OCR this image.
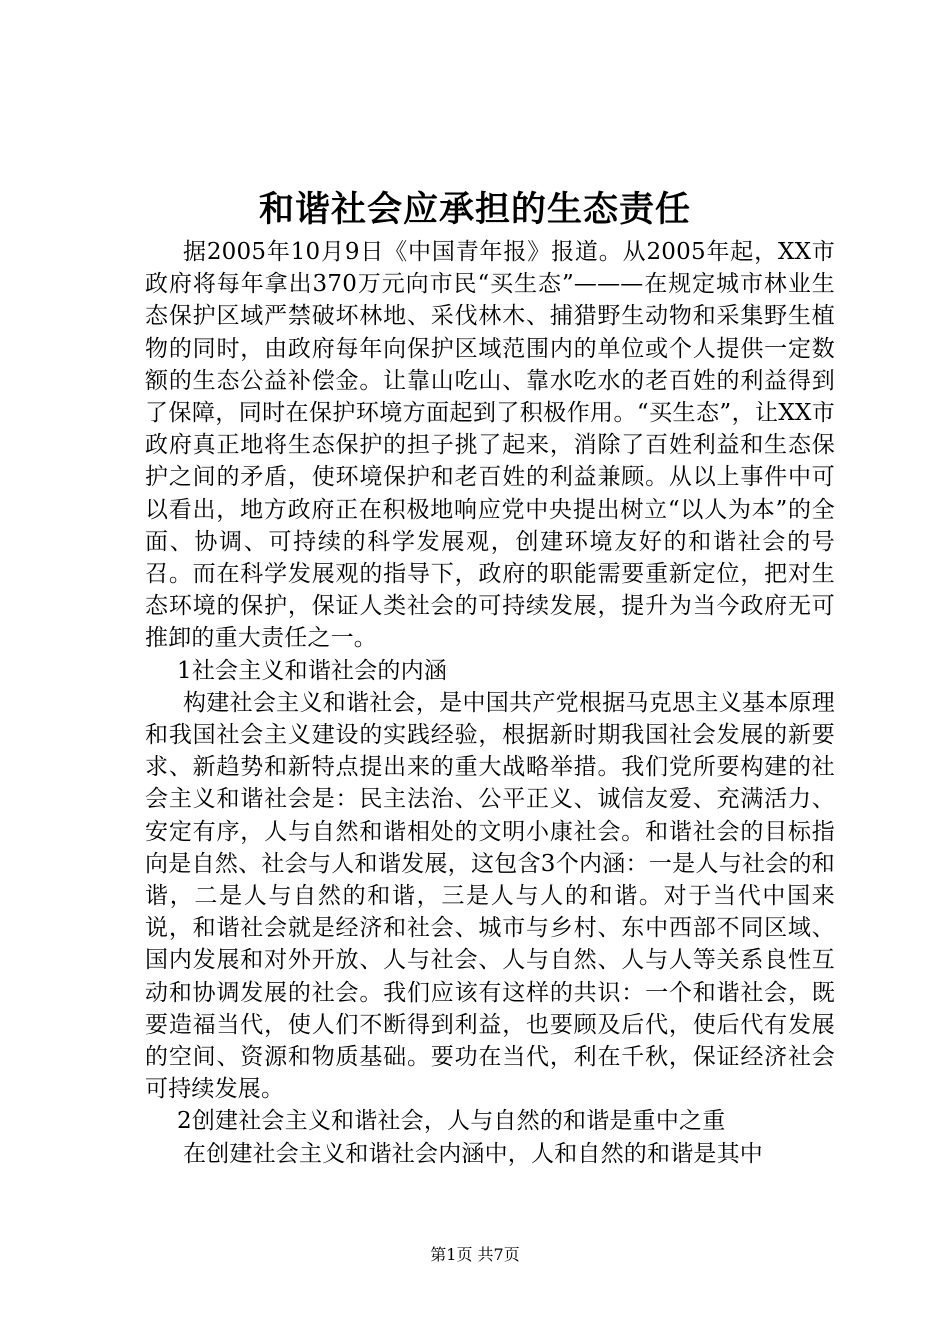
和谐社会应承担的生态责任

据2005年10月9日《中国青年报》报道。从2005年起，XX市政府将每年拿出370万元向市民“买生态”———在规定城市林业生态保护区域严禁破坏林地、采伐林木、捕猎野生动物和采集野生植物的同时，由政府每年向保护区域范围内的单位或个人提供一定数额的生态公益补偿金。让靠山吃山、靠水吃水的老百姓的利益得到了保障，同时在保护环境方面起到了积极作用。“买生态”，让XX市政府真正地将生态保护的担子挑了起来，消除了百姓利益和生态保护之间的矛盾，使环境保护和老百姓的利益兼顾。从以上事件中可以看出，地方政府正在积极地响应党中央提出树立“以人为本”的全面、协调、可持续的科学发展观，创建环境友好的和谐社会的号召。而在科学发展观的指导下，政府的职能需要重新定位，把对生态环境的保护，保证人类社会的可持续发展，提升为当今政府无可推卸的重大责任之一。

1社会主义和谐社会的内涵

构建社会主义和谐社会，是中国共产党根据马克思主义基本原理和我国社会主义建设的实践经验，根据新时期我国社会发展的新要求、新趋势和新特点提出来的重大战略举措。我们党所要构建的社会主义和谐社会是：民主法治、公平正义、诚信友爱、充满活力、安定有序，人与自然和谐相处的文明小康社会。和谐社会的目标指向是自然、社会与人和谐发展，这包含3个内涵：一是人与社会的和谐，二是人与自然的和谐，三是人与人的和谐。对于当代中国来说，和谐社会就是经济和社会、城市与乡村、东中西部不同区域、国内发展和对外开放、人与社会、人与自然、人与人等关系良性互动和协调发展的社会。我们应该有这样的共识：一个和谐社会，既要造福当代，使人们不断得到利益，也要顾及后代，使后代有发展的空间、资源和物质基础。要功在当代，利在千秋，保证经济社会可持续发展。

2创建社会主义和谐社会，人与自然的和谐是重中之重

在创建社会主义和谐社会内涵中，人和自然的和谐是其中

第1页 共7页
